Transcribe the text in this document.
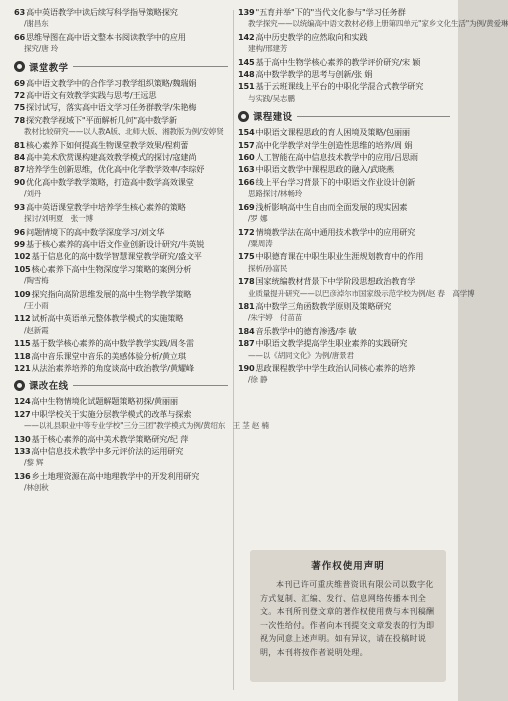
63高中英语教学中读后续写科学指导策略探究
/谢昌东
66思维导图在高中语文整本书阅读教学中的应用
探究/唐 玲
课堂教学
69高中语文教学中的合作学习教学组织策略/魏瑞娟
72高中语文有效教学实践与思考/王远思
75探讨试写，落实高中语文学习任务群教学/朱艳梅
78探究教学视域下"平面解析几何"高中数学新
教材比较研究——以人教A版、北师大版、湘教版为例/安婷贤
81核心素养下如何提高生物课堂教学效果/程莉蕾
84高中美术欣赏课构建高效教学模式的探讨/寇建尚
87培养学生创新思维，优化高中化学教学效率/李琮妤
90优化高中数学教学策略，打造高中数学高效课堂
/刘丹
93高中英语课堂教学中培养学生核心素养的策略
探讨/刘明夏　张一博
96问题情境下的高中数学深度学习/刘文华
99基于核心素养的高中语文作业创新设计研究/牛英锐
102基于信息化的高中数学智慧课堂教学研究/盛文平
105核心素养下高中生物深度学习策略的案例分析
/陶雪梅
109探究指向高阶思维发展的高中生物学教学策略
/王小雨
112试析高中英语单元整体教学模式的实施策略
/赵新霞
115基于数学核心素养的高中数学教学实践/周冬雷
118高中音乐课堂中音乐的美感体验分析/黄立琪
121从法治素养培养的角度谈高中政治教学/黄耀峰
课改在线
124高中生物情境化试题解题策略初探/黄丽丽
127中职学校关于实施分层教学模式的改革与探索
——以礼县职业中等专业学校"三分三团"教学模式为例/黄绍东　王 茎 赵 楠
130基于核心素养的高中美术教学策略研究/纪 萍
133高中信息技术教学中多元评价法的运用研究
/黎 辉
136乡土地理资源在高中地理教学中的开发利用研究
/林创秋
139"五育并举"下的"当代文化参与"学习任务群
教学探究——以统编高中语文教材必修上册第四单元"家乡文化生活"为例/黄爱琳
142高中历史教学的应然取向和实践
建构/邢建芳
145基于高中生物学核心素养的教学评价研究/宋 颖
148高中数学教学的思考与创新/张 娟
151基于云班课线上平台的中职化学混合式教学研究
与实践/吴志鹏
课程建设
154中职语文课程思政的育人困境及策略/包丽丽
157高中化学教学对学生创造性思维的培养/周 娟
160人工智能在高中信息技术教学中的应用/吕思雨
163中职语文教学中课程思政的融入/武晓燕
166线上平台学习背景下的中职语文作业设计创新
思路探讨/林畅玲
169浅析影响高中生自由而全面发展的现实因素
/罗 娜
172情境教学法在高中通用技术教学中的应用研究
/粟周涛
175中职德育课在中职生职业生涯规划教育中的作用
探析/孙富民
178国家统编教材背景下中学阶段思想政治教育学
业质量提升研究——以巴彦淖尔市国家级示范学校为例/赵 春　高学博
181高中数学三角函数教学原则及策略研究
/朱宇婷　付苗苗
184音乐教学中的德育渗透/李 敏
187中职语文教学提高学生职业素养的实践研究
——以《胡同文化》为例/唐景君
190思政课程教学中学生政治认同核心素养的培养
/徐 静
著作权使用声明
本刊已许可重庆维普资讯有限公司以数字化方式复制、汇编、发行、信息网络传播本刊全文。本刊所刊登文章的著作权使用费与本刊稿酬一次性给付。作者向本刊提交文章发表的行为即视为同意上述声明。如有异议，请在投稿时说明，本刊将按作者说明处理。
